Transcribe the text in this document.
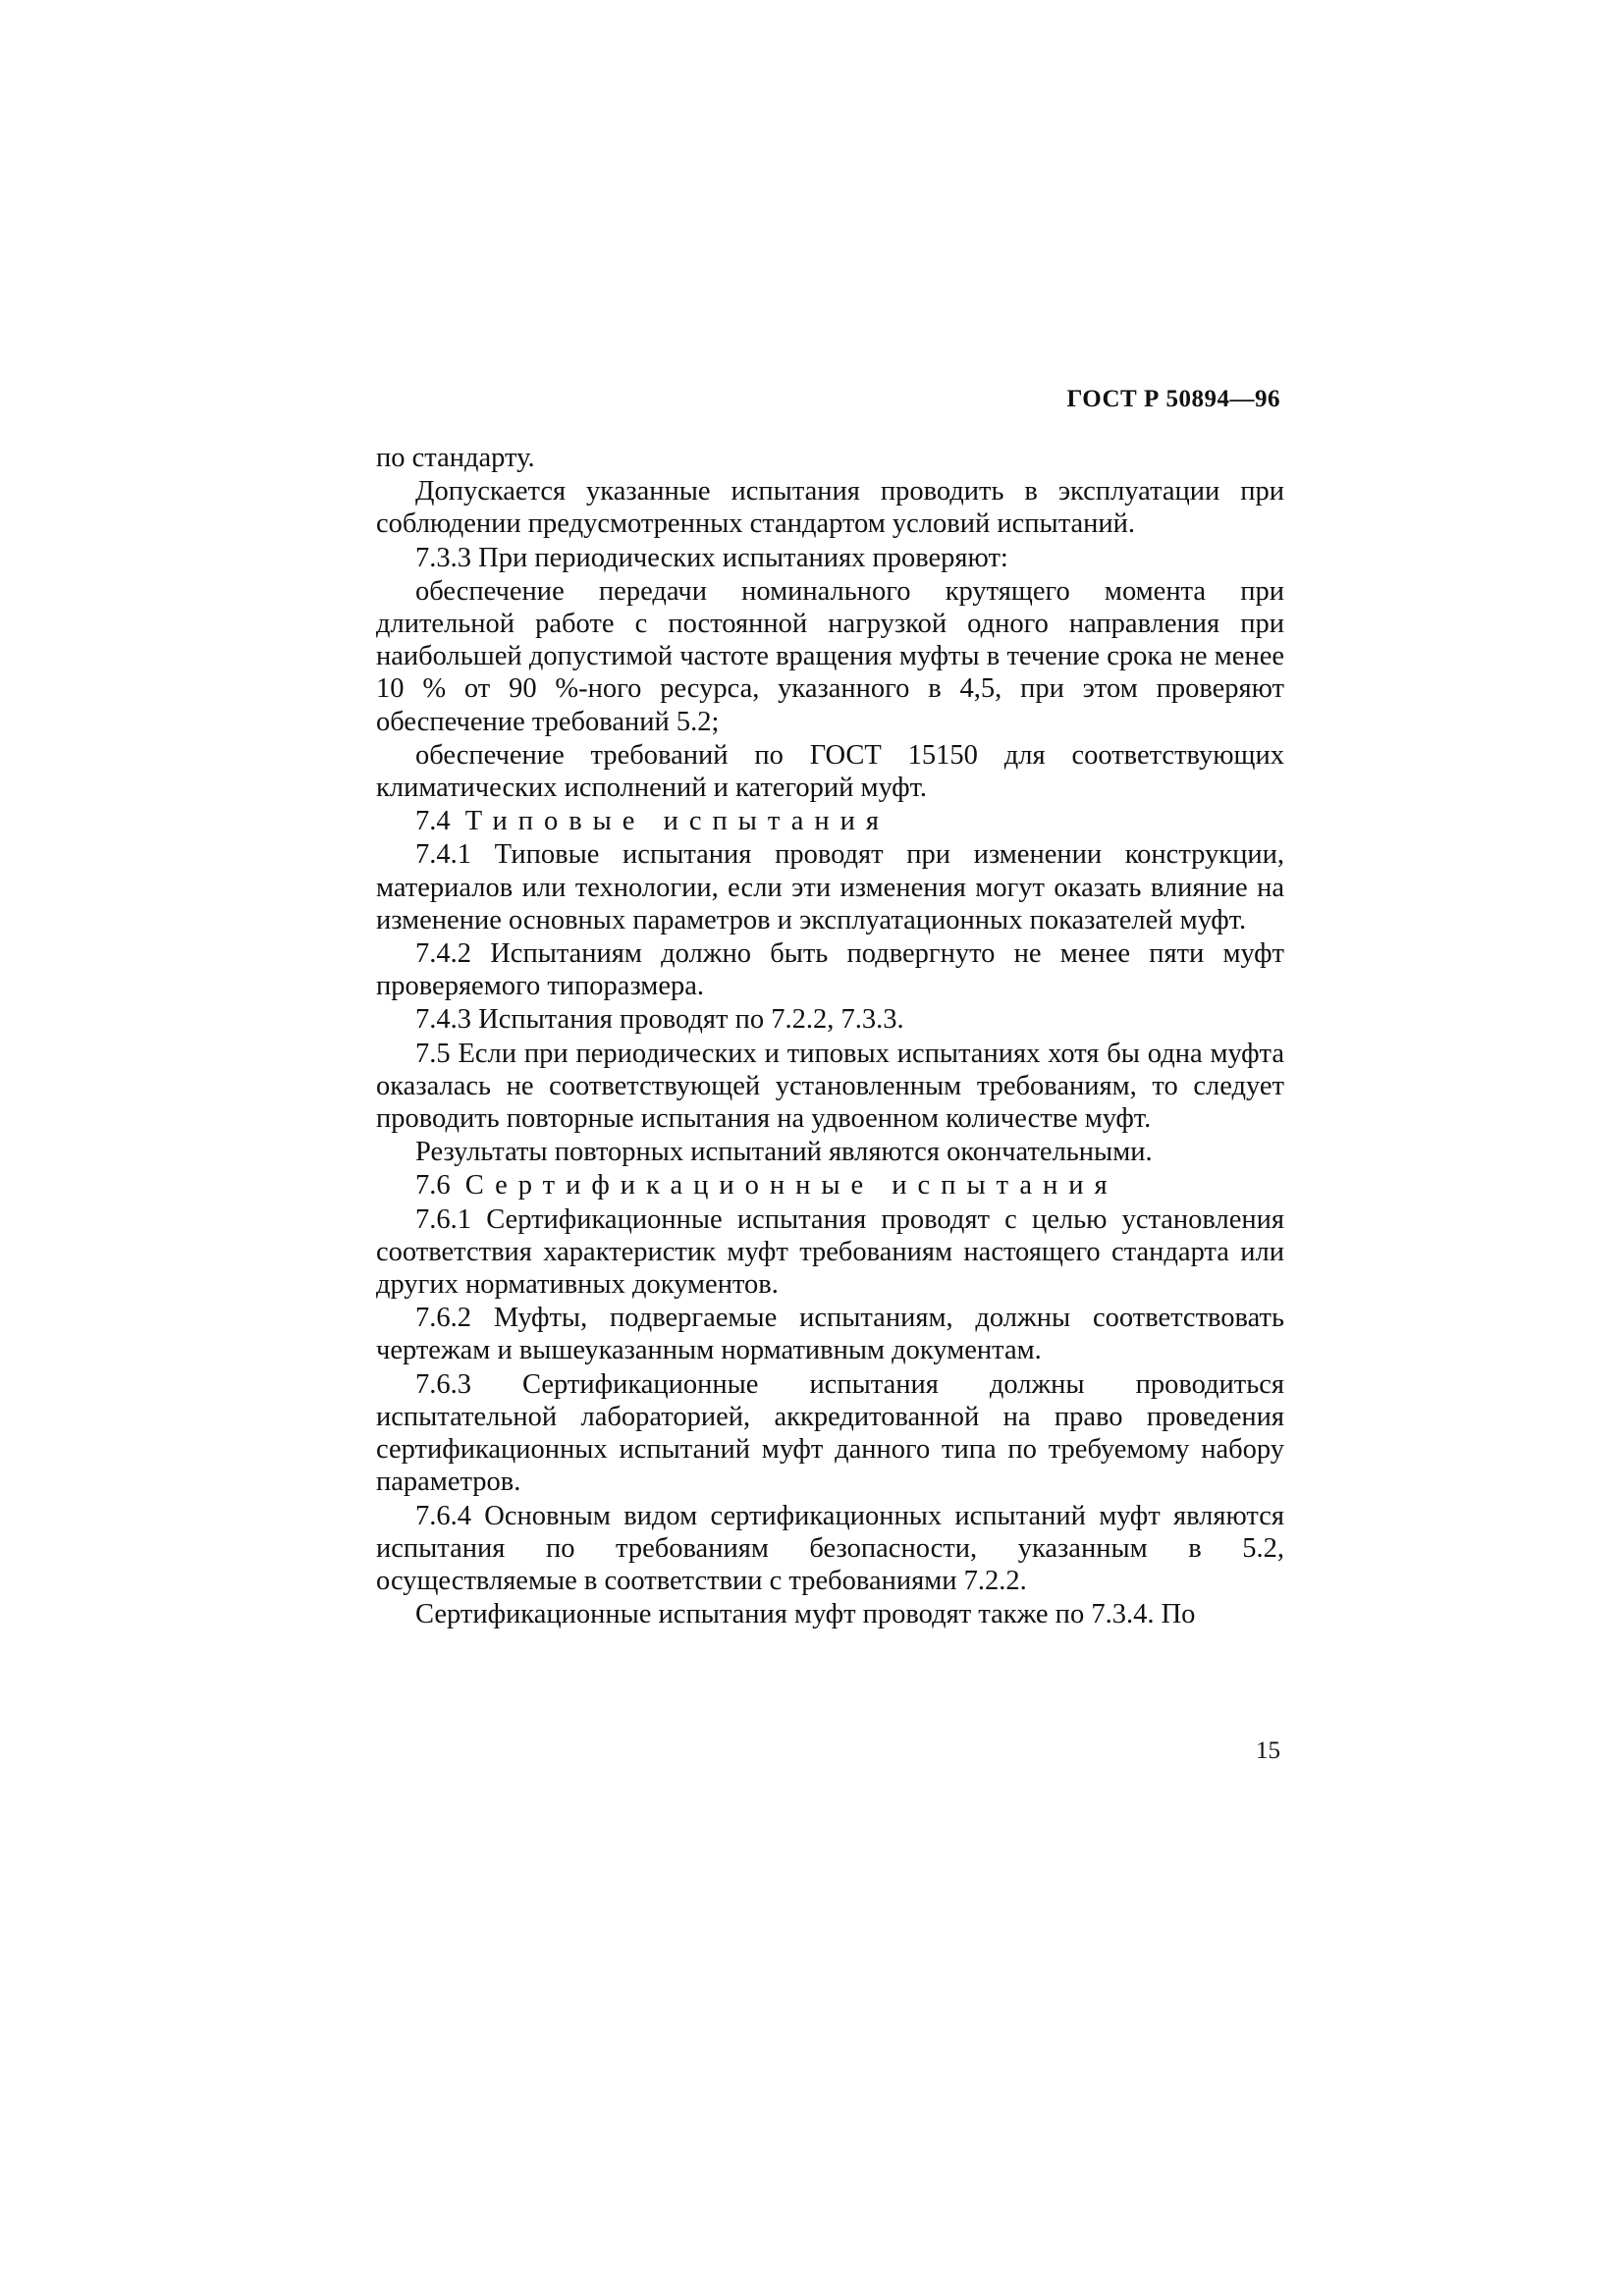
ГОСТ Р 50894—96

по стандарту.

Допускается указанные испытания проводить в эксплуатации при соблюдении предусмотренных стандартом условий испытаний.

7.3.3 При периодических испытаниях проверяют:

обеспечение передачи номинального крутящего момента при длительной работе с постоянной нагрузкой одного направления при наибольшей допустимой частоте вращения муфты в течение срока не менее 10 % от 90 %-ного ресурса, указанного в 4,5, при этом проверяют обеспечение требований 5.2;

обеспечение требований по ГОСТ 15150 для соответствующих климатических исполнений и категорий муфт.

7.4 Типовые испытания

7.4.1 Типовые испытания проводят при изменении конструкции, материалов или технологии, если эти изменения могут оказать влияние на изменение основных параметров и эксплуатационных показателей муфт.

7.4.2 Испытаниям должно быть подвергнуто не менее пяти муфт проверяемого типоразмера.

7.4.3 Испытания проводят по 7.2.2, 7.3.3.

7.5 Если при периодических и типовых испытаниях хотя бы одна муфта оказалась не соответствующей установленным требованиям, то следует проводить повторные испытания на удвоенном количестве муфт.

Результаты повторных испытаний являются окончательными.

7.6 Сертификационные испытания

7.6.1 Сертификационные испытания проводят с целью установления соответствия характеристик муфт требованиям настоящего стандарта или других нормативных документов.

7.6.2 Муфты, подвергаемые испытаниям, должны соответствовать чертежам и вышеуказанным нормативным документам.

7.6.3 Сертификационные испытания должны проводиться испытательной лабораторией, аккредитованной на право проведения сертификационных испытаний муфт данного типа по требуемому набору параметров.

7.6.4 Основным видом сертификационных испытаний муфт являются испытания по требованиям безопасности, указанным в 5.2, осуществляемые в соответствии с требованиями 7.2.2.

Сертификационные испытания муфт проводят также по 7.3.4. По

15
